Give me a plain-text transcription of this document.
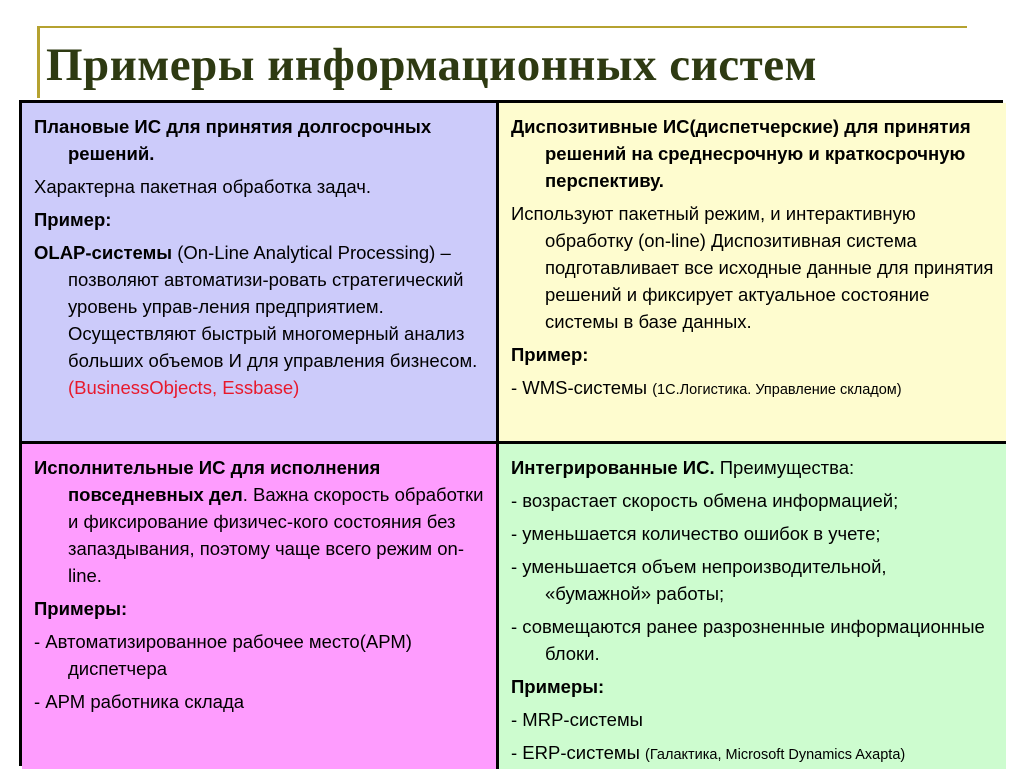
Примеры информационных систем

Плановые ИС для принятия долгосрочных решений.

Характерна пакетная обработка задач.

Пример:

OLAP-системы (On-Line Analytical Processing) – позволяют автоматизи-ровать стратегический уровень управ-ления предприятием. Осуществляют быстрый многомерный анализ больших объемов И для управления бизнесом. (BusinessObjects, Essbase)

Диспозитивные ИС(диспетчерские) для принятия решений на среднесрочную и краткосрочную перспективу.

Используют пакетный режим, и интерактивную обработку (on-line) Диспозитивная система подготавливает все исходные данные для принятия решений и фиксирует актуальное состояние системы в базе данных.

Пример:

- WMS-системы (1С.Логистика. Управление складом)

Исполнительные ИС для исполнения повседневных дел. Важна скорость обработки и фиксирование физичес-кого состояния без запаздывания, поэтому чаще всего режим on-line.

Примеры:

- Автоматизированное рабочее место(АРМ) диспетчера

- АРМ работника склада

Интегрированные ИС. Преимущества:

- возрастает скорость обмена информацией;

- уменьшается количество ошибок в учете;

- уменьшается объем непроизводительной, «бумажной» работы;

- совмещаются ранее разрозненные информационные блоки.

Примеры:

- MRP-системы

- ERP-системы (Галактика, Microsoft Dynamics Axapta)
